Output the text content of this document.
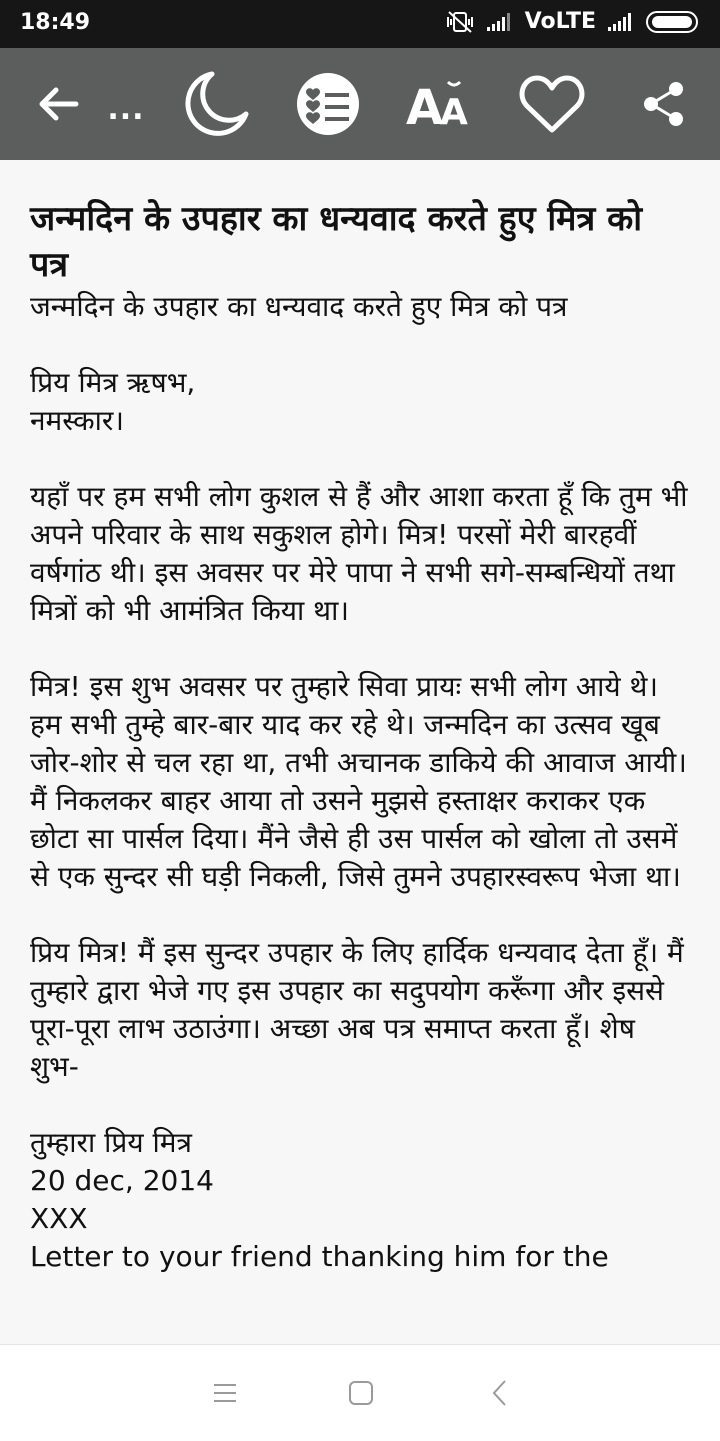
18:49	VoLTE
...	A
A
जन्मदिन के उपहार का धन्यवाद करते हुए मित्र को पत्र

जन्मदिन के उपहार का धन्यवाद करते हुए मित्र को पत्र

प्रिय मित्र ऋषभ,

नमस्कार।

यहाँ पर हम सभी लोग कुशल से हैं और आशा करता हूँ कि तुम भी अपने परिवार के साथ सकुशल होगे। मित्र! परसों मेरी बारहवीं वर्षगांठ थी। इस अवसर पर मेरे पापा ने सभी सगे-सम्बन्धियों तथा मित्रों को भी आमंत्रित किया था।

मित्र! इस शुभ अवसर पर तुम्हारे सिवा प्रायः सभी लोग आये थे। हम सभी तुम्हे बार-बार याद कर रहे थे। जन्मदिन का उत्सव खूब जोर-शोर से चल रहा था, तभी अचानक डाकिये की आवाज आयी। मैं निकलकर बाहर आया तो उसने मुझसे हस्ताक्षर कराकर एक छोटा सा पार्सल दिया। मैंने जैसे ही उस पार्सल को खोला तो उसमें से एक सुन्दर सी घड़ी निकली, जिसे तुमने उपहारस्वरूप भेजा था।

प्रिय मित्र! मैं इस सुन्दर उपहार के लिए हार्दिक धन्यवाद देता हूँ। मैं तुम्हारे द्वारा भेजे गए इस उपहार का सदुपयोग करूँगा और इससे पूरा-पूरा लाभ उठाउंगा। अच्छा अब पत्र समाप्त करता हूँ। शेष शुभ-

तुम्हारा प्रिय मित्र

20 dec, 2014

XXX

Letter to your friend thanking him for the
